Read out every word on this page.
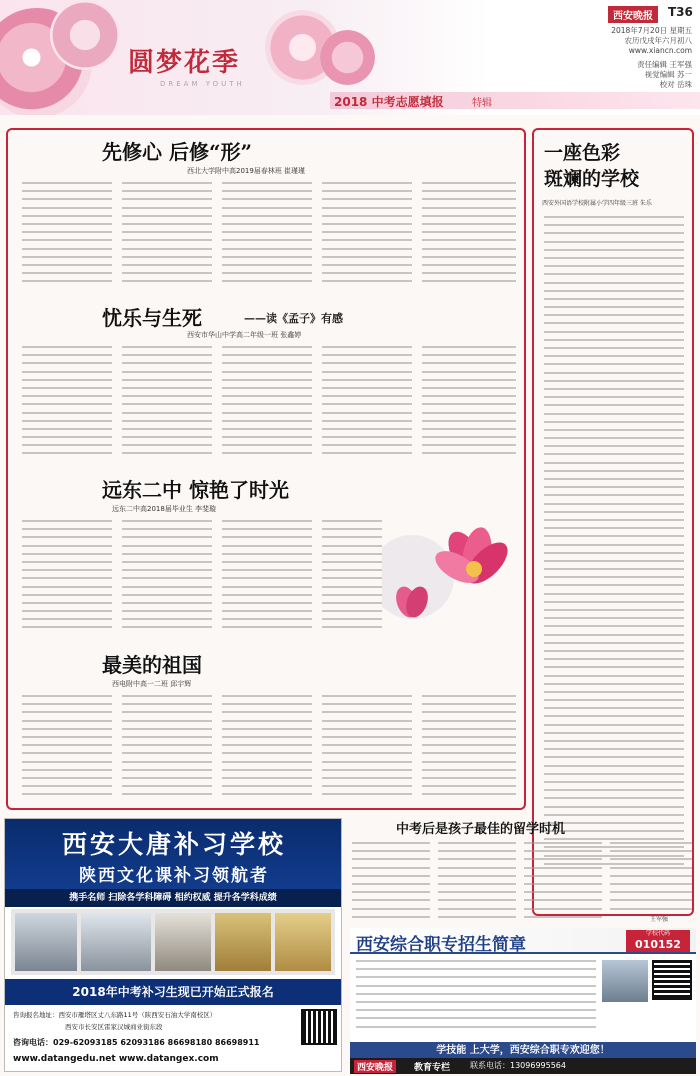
圆梦花季
DREAM YOUTH
西安晚报	T36
2018年7月20日 星期五
农历戊戌年六月初八
www.xiancn.com
责任编辑 王军强
视觉编辑 苏一
校对 岳珠
2018 中考志愿填报	特辑
先修心 后修“形”
西北大学附中高2019届春林班 崔瑾瑾
忧乐与生死	——读《孟子》有感
西安市华山中学高二年级一班 张鑫婷
远东二中 惊艳了时光
远东二中高2018届毕业生 李斐璇
最美的祖国
西电附中高一二班 邱宇辉
一座色彩
斑斓的学校
西安外国语学校附属小学四年级三班 朱乐
西安大唐补习学校
陕西文化课补习领航者
携手名师 扫除各学科障碍 相约权威 提升各学科成绩
2018年中考补习生现已开始正式报名
咨询报名地址：西安市雁塔区丈八东路11号（陕西安石油大学南校区）
西安市长安区雷家汉城商业街东段
咨询电话：029-62093185 62093186 86698180 86698911
www.datangedu.net www.datangex.com
中考后是孩子最佳的留学时机
王军强
西安综合职专招生简章
学校代码
010152
学技能 上大学，西安综合职专欢迎您！
西安晚报	教育专栏 联系电话：13096995564
